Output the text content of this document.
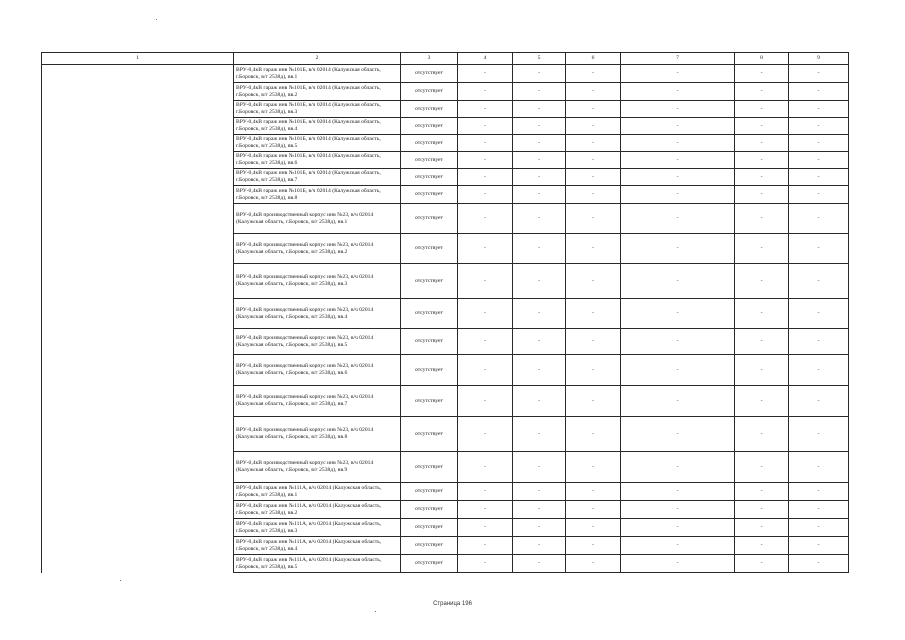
1	2	3	4	5	6	7	8	9
	ВРУ-0,4кВ гараж инв №101Б, в/ч 02014 (Калужская область, г.Боровск, в/г 2538д), вв.1	отсутствует	-	-	-	-	-	-
	ВРУ-0,4кВ гараж инв №101Б, в/ч 02014 (Калужская область, г.Боровск, в/г 2538д), вв.2	отсутствует	-	-	-	-	-	-
	ВРУ-0,4кВ гараж инв №101Б, в/ч 02014 (Калужская область, г.Боровск, в/г 2538д), вв.3	отсутствует	-	-	-	-	-	-
	ВРУ-0,4кВ гараж инв №101Б, в/ч 02014 (Калужская область, г.Боровск, в/г 2538д), вв.4	отсутствует	-	-	-	-	-	-
	ВРУ-0,4кВ гараж инв №101Б, в/ч 02014 (Калужская область, г.Боровск, в/г 2538д), вв.5	отсутствует	-	-	-	-	-	-
	ВРУ-0,4кВ гараж инв №101Б, в/ч 02014 (Калужская область, г.Боровск, в/г 2538д), вв.6	отсутствует	-	-	-	-	-	-
	ВРУ-0,4кВ гараж инв №101Б, в/ч 02014 (Калужская область, г.Боровск, в/г 2538д), вв.7	отсутствует	-	-	-	-	-	-
	ВРУ-0,4кВ гараж инв №101Б, в/ч 02014 (Калужская область, г.Боровск, в/г 2538д), вв.8	отсутствует	-	-	-	-	-	-
	ВРУ-0,4кВ производственный корпус инв №23, в/ч 02014 (Калужская область, г.Боровск, в/г 2538д), вв.1	отсутствует	-	-	-	-	-	-
	ВРУ-0,4кВ производственный корпус инв №23, в/ч 02014 (Калужская область, г.Боровск, в/г 2538д), вв.2	отсутствует	-	-	-	-	-	-
	ВРУ-0,4кВ производственный корпус инв №23, в/ч 02014 (Калужская область, г.Боровск, в/г 2538д), вв.3	отсутствует	-	-	-	-	-	-
	ВРУ-0,4кВ производственный корпус инв №23, в/ч 02014 (Калужская область, г.Боровск, в/г 2538д), вв.4	отсутствует	-	-	-	-	-	-
	ВРУ-0,4кВ производственный корпус инв №23, в/ч 02014 (Калужская область, г.Боровск, в/г 2538д), вв.5	отсутствует	-	-	-	-	-	-
	ВРУ-0,4кВ производственный корпус инв №23, в/ч 02014 (Калужская область, г.Боровск, в/г 2538д), вв.6	отсутствует	-	-	-	-	-	-
	ВРУ-0,4кВ производственный корпус инв №23, в/ч 02014 (Калужская область, г.Боровск, в/г 2538д), вв.7	отсутствует	-	-	-	-	-	-
	ВРУ-0,4кВ производственный корпус инв №23, в/ч 02014 (Калужская область, г.Боровск, в/г 2538д), вв.8	отсутствует	-	-	-	-	-	-
	ВРУ-0,4кВ производственный корпус инв №23, в/ч 02014 (Калужская область, г.Боровск, в/г 2538д), вв.9	отсутствует	-	-	-	-	-	-
	ВРУ-0,4кВ гараж инв №111А, в/ч 02014 (Калужская область, г.Боровск, в/г 2538д), вв.1	отсутствует	-	-	-	-	-	-
	ВРУ-0,4кВ гараж инв №111А, в/ч 02014 (Калужская область, г.Боровск, в/г 2538д), вв.2	отсутствует	-	-	-	-	-	-
	ВРУ-0,4кВ гараж инв №111А, в/ч 02014 (Калужская область, г.Боровск, в/г 2538д), вв.3	отсутствует	-	-	-	-	-	-
	ВРУ-0,4кВ гараж инв №111А, в/ч 02014 (Калужская область, г.Боровск, в/г 2538д), вв.4	отсутствует	-	-	-	-	-	-
	ВРУ-0,4кВ гараж инв №111А, в/ч 02014 (Калужская область, г.Боровск, в/г 2538д), вв.5	отсутствует	-	-	-	-	-	-
Страница 196
